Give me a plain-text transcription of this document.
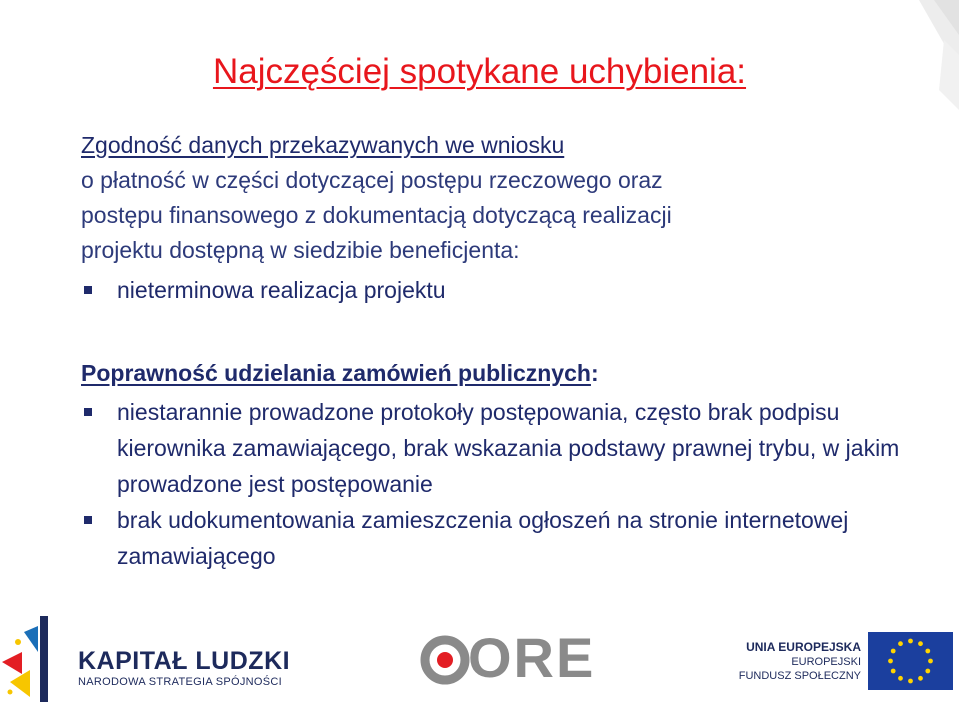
Najczęściej spotykane uchybienia:
Zgodność danych przekazywanych we wniosku
o płatność w części dotyczącej postępu rzeczowego oraz
postępu finansowego z dokumentacją dotyczącą realizacji
projektu dostępną w siedzibie beneficjenta:
nieterminowa realizacja projektu
Poprawność udzielania zamówień publicznych:
niestarannie prowadzone protokoły postępowania, często brak podpisu kierownika zamawiającego, brak wskazania podstawy prawnej trybu, w jakim prowadzone jest postępowanie
brak udokumentowania zamieszczenia ogłoszeń na stronie internetowej zamawiającego
KAPITAŁ LUDZKI
NARODOWA STRATEGIA SPÓJNOŚCI	ORE	UNIA EUROPEJSKA
EUROPEJSKI
FUNDUSZ SPOŁECZNY
